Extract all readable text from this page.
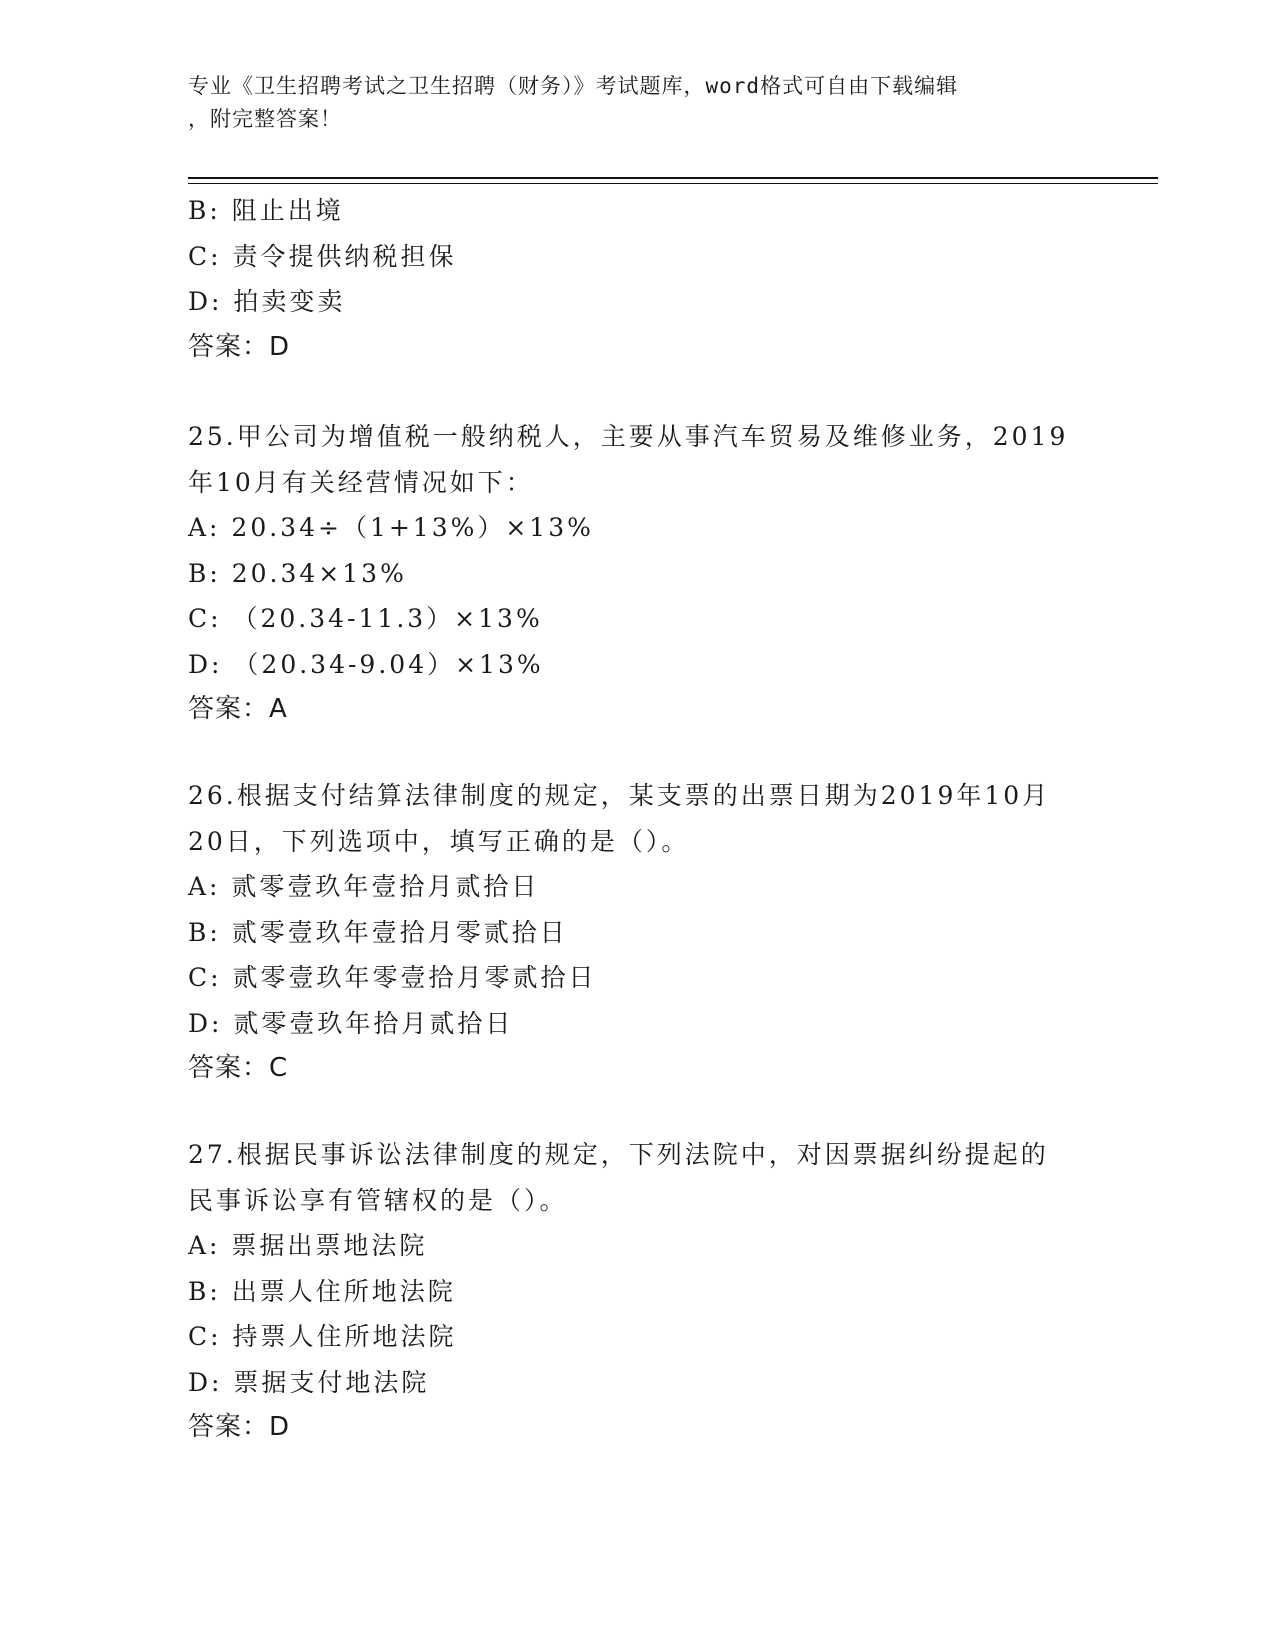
专业《卫生招聘考试之卫生招聘（财务）》考试题库，word格式可自由下载编辑
，附完整答案！
B: 阻止出境
C: 责令提供纳税担保
D: 拍卖变卖
答案：D
25.甲公司为增值税一般纳税人，主要从事汽车贸易及维修业务，2019
年10月有关经营情况如下：
A: 20.34÷（1+13%）×13%
B: 20.34×13%
C: （20.34-11.3）×13%
D: （20.34-9.04）×13%
答案：A
26.根据支付结算法律制度的规定，某支票的出票日期为2019年10月
20日，下列选项中，填写正确的是（）。
A: 贰零壹玖年壹拾月贰拾日
B: 贰零壹玖年壹拾月零贰拾日
C: 贰零壹玖年零壹拾月零贰拾日
D: 贰零壹玖年拾月贰拾日
答案：C
27.根据民事诉讼法律制度的规定，下列法院中，对因票据纠纷提起的
民事诉讼享有管辖权的是（）。
A: 票据出票地法院
B: 出票人住所地法院
C: 持票人住所地法院
D: 票据支付地法院
答案：D
